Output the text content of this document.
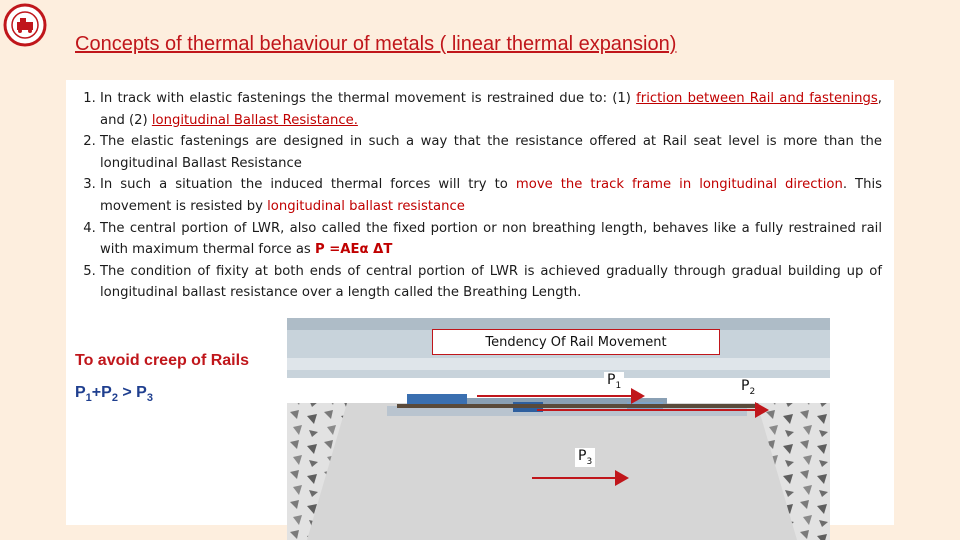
Concepts of thermal behaviour of metals ( linear thermal expansion)
1. In track with elastic fastenings the thermal movement is restrained due to: (1) friction between Rail and fastenings, and (2) longitudinal Ballast Resistance.
2. The elastic fastenings are designed in such a way that the resistance offered at Rail seat level is more than the longitudinal Ballast Resistance
3. In such a situation the induced thermal forces will try to move the track frame in longitudinal direction. This movement is resisted by longitudinal ballast resistance
4. The central portion of LWR, also called the fixed portion or non breathing length, behaves like a fully restrained rail with maximum thermal force as P =AEα ΔT
5. The condition of fixity at both ends of central portion of LWR is achieved gradually through gradual building up of longitudinal ballast resistance over a length called the Breathing Length.
To avoid creep of Rails
$P_1+P_2 > P_3$
Tendency Of Rail Movement
$P_1$	$P_2$
$P_3$
